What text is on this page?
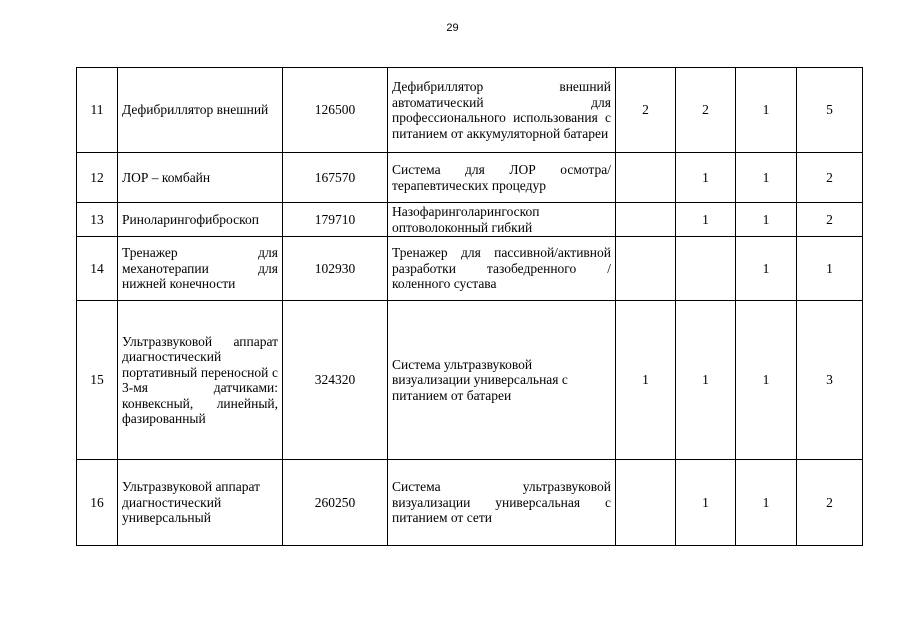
29
11	Дефибриллятор внешний	126500	Дефибриллятор внешний автоматический для профессионального использования с питанием от аккумуляторной батареи	2	2	1	5
12	ЛОР – комбайн	167570	Система для ЛОР осмотра/терапевтических процедур		1	1	2
13	Риноларингофиброскоп	179710	Назофаринголарингоскоп оптоволоконный гибкий		1	1	2
14	Тренажер для механотерапии для нижней конечности	102930	Тренажер для пассивной/активной разработки тазобедренного /коленного сустава			1	1
15	Ультразвуковой аппарат диагностический портативный переносной с 3-мя датчиками: конвексный, линейный, фазированный	324320	Система ультразвуковой визуализации универсальная с питанием от батареи	1	1	1	3
16	Ультразвуковой аппарат диагностический универсальный	260250	Система ультразвуковой визуализации универсальная с питанием от сети		1	1	2
